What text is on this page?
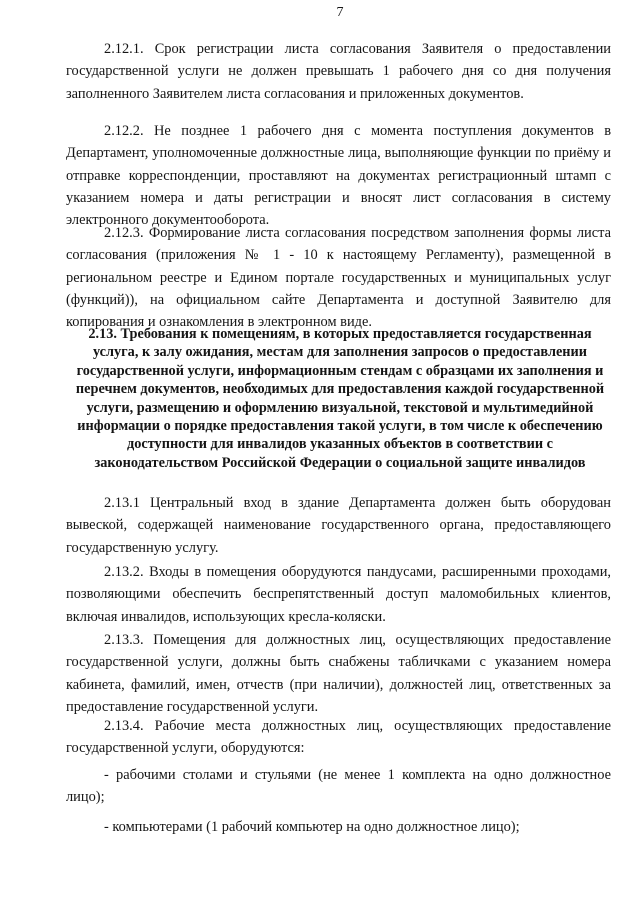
7

2.12.1. Срок регистрации листа согласования Заявителя о предоставлении государственной услуги не должен превышать 1 рабочего дня со дня получения заполненного Заявителем листа согласования и приложенных документов.

2.12.2. Не позднее 1 рабочего дня с момента поступления документов в Департамент, уполномоченные должностные лица, выполняющие функции по приёму и отправке корреспонденции, проставляют на документах регистрационный штамп с указанием номера и даты регистрации и вносят лист согласования в систему электронного документооборота.

2.12.3. Формирование листа согласования посредством заполнения формы листа согласования (приложения № 1 - 10 к настоящему Регламенту), размещенной в региональном реестре и Едином портале государственных и муниципальных услуг (функций)), на официальном сайте Департамента и доступной Заявителю для копирования и ознакомления в электронном виде.

2.13. Требования к помещениям, в которых предоставляется государственная услуга, к залу ожидания, местам для заполнения запросов о предоставлении государственной услуги, информационным стендам с образцами их заполнения и перечнем документов, необходимых для предоставления каждой государственной услуги, размещению и оформлению визуальной, текстовой и мультимедийной информации о порядке предоставления такой услуги, в том числе к обеспечению доступности для инвалидов указанных объектов в соответствии с законодательством Российской Федерации о социальной защите инвалидов

2.13.1 Центральный вход в здание Департамента должен быть оборудован вывеской, содержащей наименование государственного органа, предоставляющего государственную услугу.

2.13.2. Входы в помещения оборудуются пандусами, расширенными проходами, позволяющими обеспечить беспрепятственный доступ маломобильных клиентов, включая инвалидов, использующих кресла-коляски.

2.13.3. Помещения для должностных лиц, осуществляющих предоставление государственной услуги, должны быть снабжены табличками с указанием номера кабинета, фамилий, имен, отчеств (при наличии), должностей лиц, ответственных за предоставление государственной услуги.

2.13.4. Рабочие места должностных лиц, осуществляющих предоставление государственной услуги, оборудуются:

- рабочими столами и стульями (не менее 1 комплекта на одно должностное лицо);

- компьютерами (1 рабочий компьютер на одно должностное лицо);
